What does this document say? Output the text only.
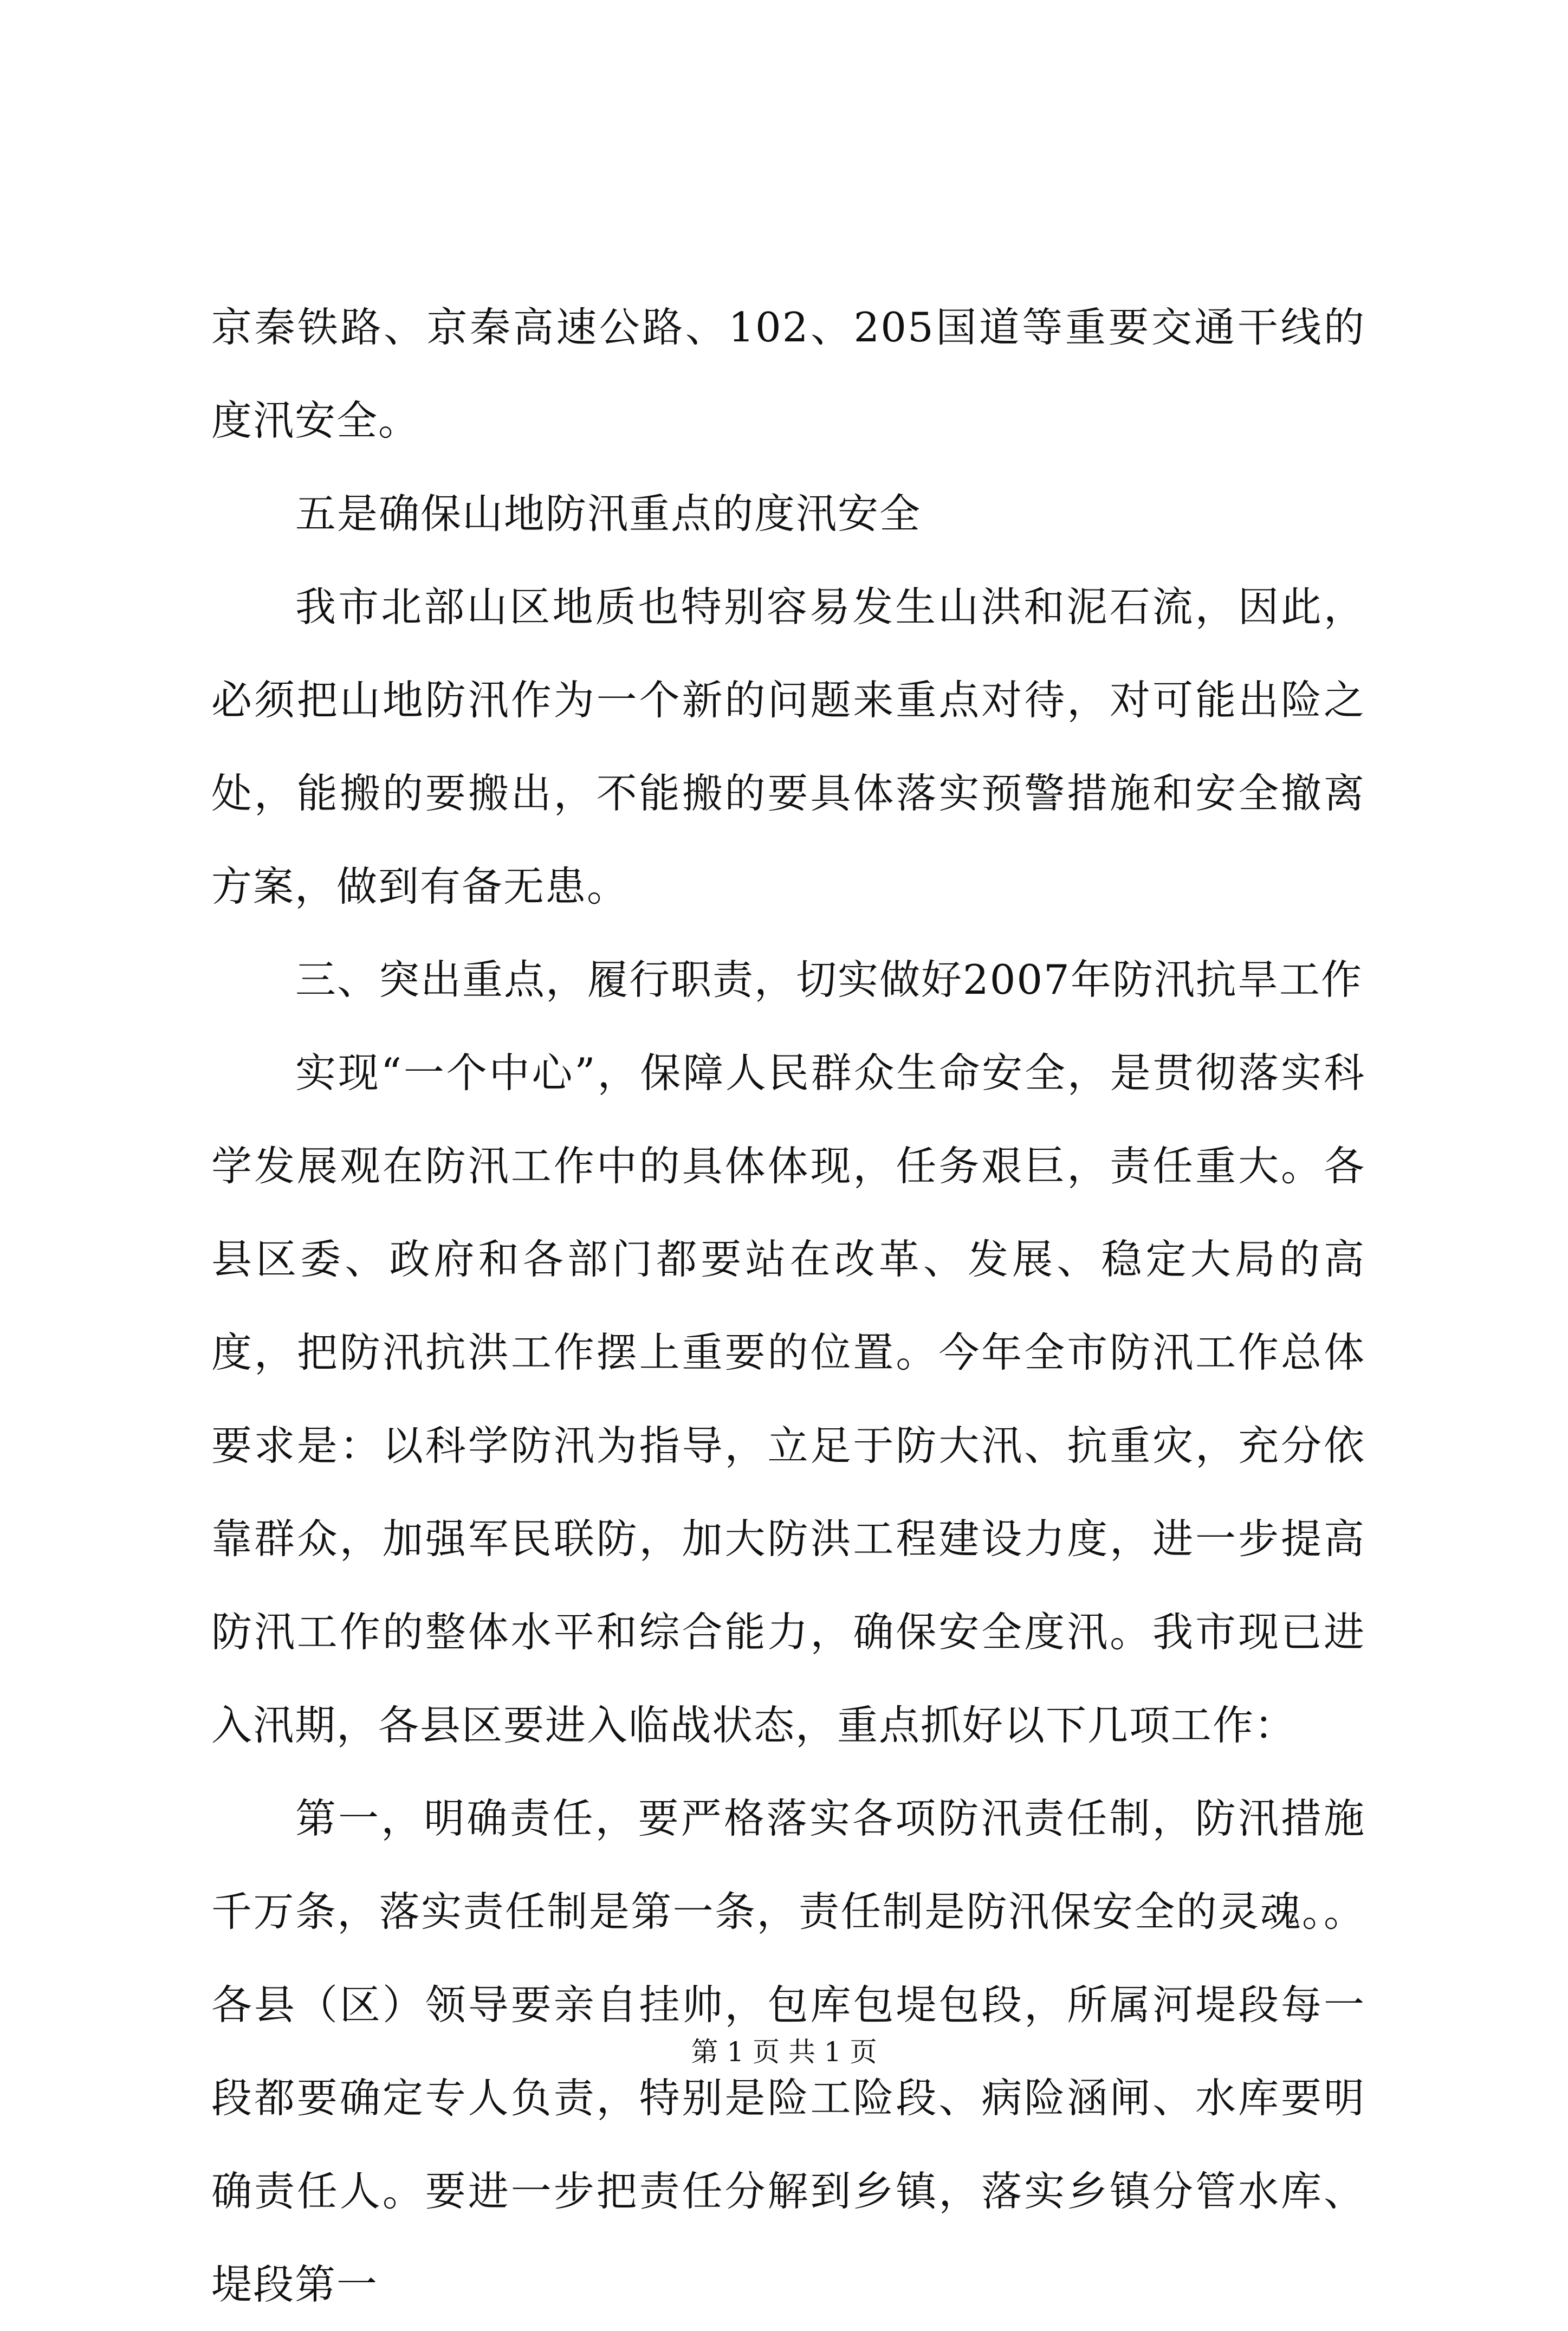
京秦铁路、京秦高速公路、102、205国道等重要交通干线的度汛安全。

五是确保山地防汛重点的度汛安全

我市北部山区地质也特别容易发生山洪和泥石流，因此，必须把山地防汛作为一个新的问题来重点对待，对可能出险之处，能搬的要搬出，不能搬的要具体落实预警措施和安全撤离方案，做到有备无患。

三、突出重点，履行职责，切实做好2007年防汛抗旱工作

实现“一个中心”，保障人民群众生命安全，是贯彻落实科学发展观在防汛工作中的具体体现，任务艰巨，责任重大。各县区委、政府和各部门都要站在改革、发展、稳定大局的高度，把防汛抗洪工作摆上重要的位置。今年全市防汛工作总体要求是：以科学防汛为指导，立足于防大汛、抗重灾，充分依靠群众，加强军民联防，加大防洪工程建设力度，进一步提高防汛工作的整体水平和综合能力，确保安全度汛。我市现已进入汛期，各县区要进入临战状态，重点抓好以下几项工作：

第一，明确责任，要严格落实各项防汛责任制，防汛措施千万条，落实责任制是第一条，责任制是防汛保安全的灵魂。。各县（区）领导要亲自挂帅，包库包堤包段，所属河堤段每一段都要确定专人负责，特别是险工险段、病险涵闸、水库要明确责任人。要进一步把责任分解到乡镇，落实乡镇分管水库、堤段第一

第 1 页 共 1 页
